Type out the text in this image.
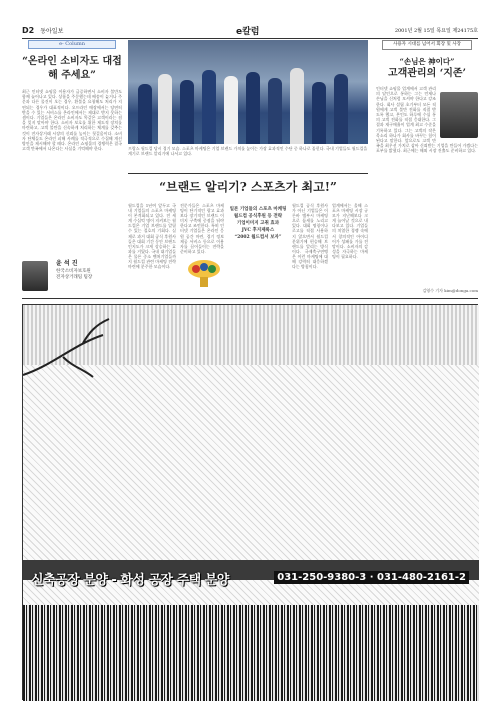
D2 동아일보	e칼럼	2001년 2월 15일 목요일 제24175호
e- Column
“온라인 소비자도 대접해 주세요”
최근 인터넷 쇼핑몰 이용자가 급증하면서 소비자 불만도 함께 늘어나고 있다. 상품을 주문했는데 배송이 늦거나 주문과 다른 물건이 오는 경우, 환불을 요청해도 처리가 지연되는 경우가 대표적이다. 오프라인 매장에서는 당연히 받을 수 있는 서비스를 온라인에서는 제대로 받지 못하는 셈이다. 기업들은 온라인 소비자도 똑같은 고객이라는 점을 잊지 말아야 한다. 소비자 보호를 위한 제도적 장치를 마련하고, 고객 불만을 신속하게 처리하는 체계를 갖추는 것이 전자상거래 시장의 신뢰를 높이는 첫걸음이다. 소비자 단체들도 온라인 피해 사례를 적극적으로 수집해 개선 방안을 제시해야 할 때다. 온라인 쇼핑몰의 경쟁력은 결국 고객 만족에서 나온다는 사실을 기억해야 한다.
윤 석 진
한국소비자보호원
전자상거래팀 팀장
프랑스 월드컵 당시 경기 모습. 스포츠 마케팅은 기업 브랜드 가치를 높이는 가장 효과적인 수단 중 하나로 꼽힌다. 국내 기업들도 월드컵을 계기로 브랜드 알리기에 나서고 있다.
“브랜드 알리기? 스포츠가 최고!”
월드컵을 1년여 앞두고 국내 기업들의 스포츠 마케팅이 본격화되고 있다. 전 세계 수십억 명이 지켜보는 월드컵은 기업 브랜드를 알릴 수 있는 절호의 기회다. 실제로 과거 대회 공식 후원사들은 대회 기간 동안 브랜드 인지도가 크게 상승하는 효과를 거뒀다. 국내 대기업들은 물론 중소 벤처기업들까지 월드컵 관련 마케팅 전략 마련에 분주한 모습이다.
전문가들은 스포츠 마케팅이 단기적인 광고 효과보다 장기적인 브랜드 이미지 구축에 중점을 둬야 한다고 조언한다. 특히 인터넷 기업들은 온라인 응원 공간 마련, 경기 정보 제공 서비스 등으로 이용자를 끌어들이는 전략을 준비하고 있다.
월드컵 공식 후원사가 아닌 기업들은 이른바 앰부시 마케팅으로 틈새를 노리고 있다. 대회 명칭이나 로고를 직접 사용하지 않으면서 월드컵 분위기에 편승해 브랜드를 알리는 방식이다. 국제축구연맹은 이런 마케팅에 대해 강력히 대응하겠다는 방침이다.
업계에서는 올해 스포츠 마케팅 시장 규모가 지난해보다 크게 늘어날 것으로 내다보고 있다. 기업들의 치열한 경쟁 속에서 창의적인 아이디어가 성패를 가를 전망이다. 소비자의 감성을 자극하는 마케팅이 필요하다.
일본 기업들의 스포츠 마케팅
월드컵 공식후원 등 전략
기업이미지 고취 효과
JVC 후지제록스
“2002 월드컵서 보자”
사용자 시대를 넘어서 회장 및 사장
“손님은 神이다”
고객관리의 ‘지존’
인터넷 쇼핑몰 업계에서 고객 관리의 달인으로 통하는 그는 언제나 손님을 신처럼 모셔야 한다고 강조한다. 회사 설립 초기부터 모든 직원에게 고객 불만 전화를 직접 받도록 했고, 본인도 하루에 수십 통의 고객 전화를 직접 응대한다. 그 결과 재구매율이 업계 최고 수준을 기록하고 있다. 그는 고객의 작은 목소리 하나가 회사를 바꾸는 힘이 된다고 말한다. 앞으로도 고객 만족을 최우선 가치로 삼아 신뢰받는 기업을 만들어 가겠다는 포부를 밝혔다. 최근에는 해외 시장 진출도 준비하고 있다.
김영수 기자 kim@donga.com
신축공장 분양 - 화성 공장 주택 분양	031-250-9380-3 · 031-480-2161-2
